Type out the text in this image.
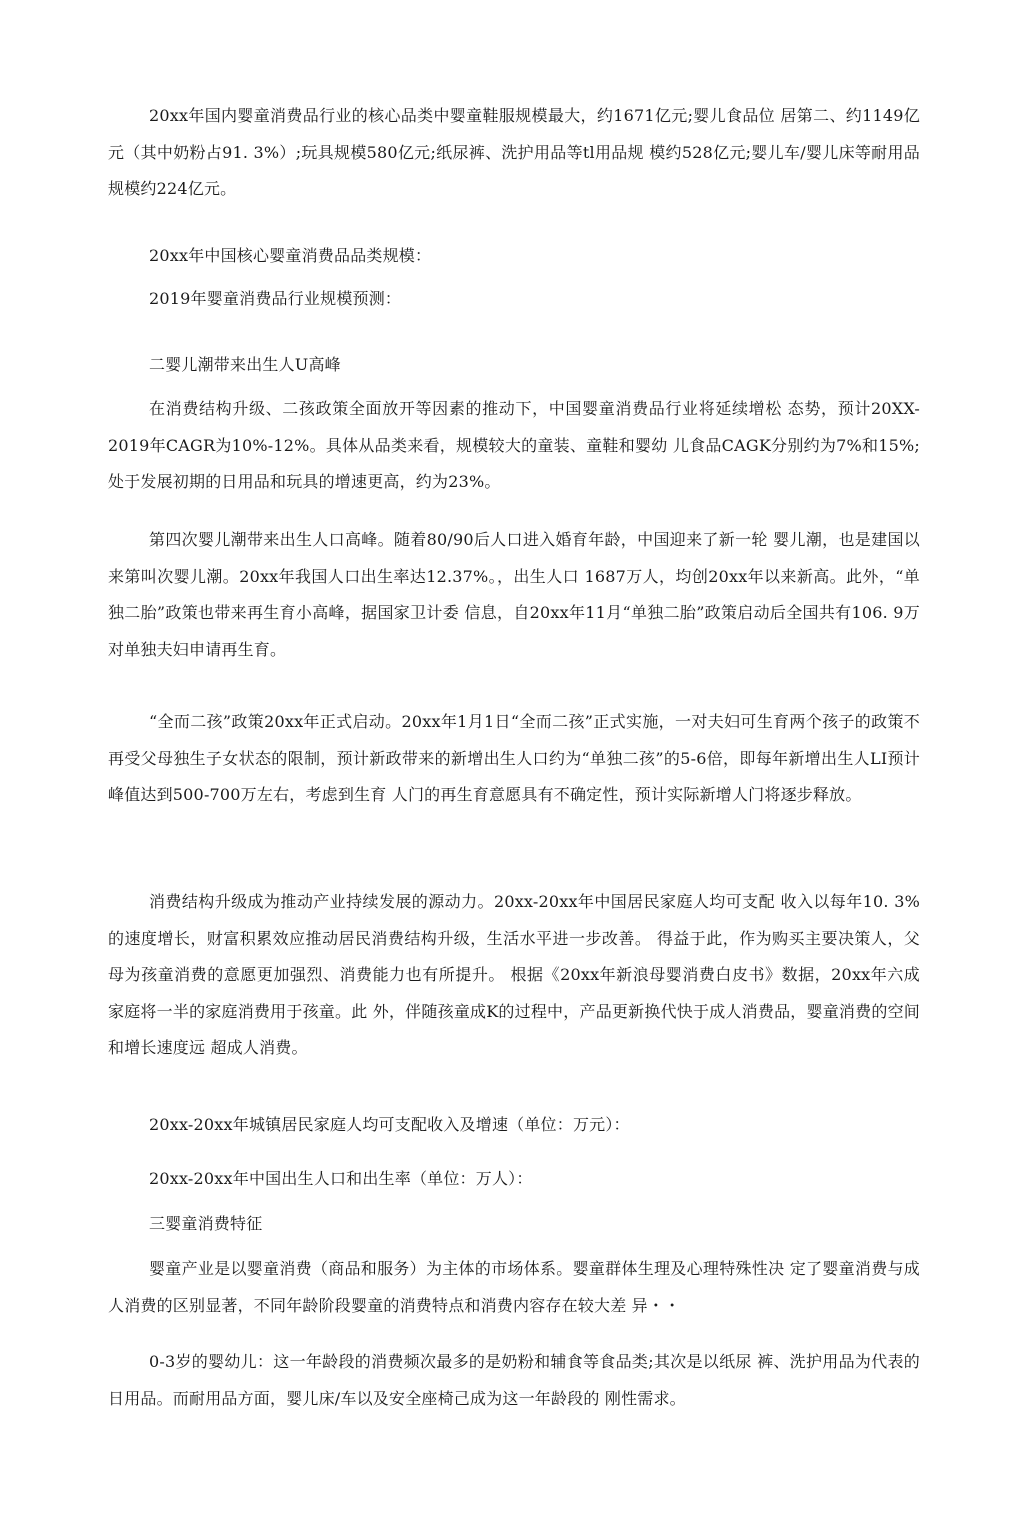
20xx年国内婴童消费品行业的核心品类中婴童鞋服规模最大，约1671亿元;婴儿食品位 居第二、约1149亿元（其中奶粉占91. 3%）;玩具规模580亿元;纸尿裤、洗护用品等tl用品规 模约528亿元;婴儿车/婴儿床等耐用品规模约224亿元。

20xx年中国核心婴童消费品品类规模：

2019年婴童消费品行业规模预测：

二婴儿潮带来出生人U高峰

在消费结构升级、二孩政策全面放开等因素的推动下，中国婴童消费品行业将延续增松 态势，预计20XX-2019年CAGR为10%-12%。具体从品类来看，规模较大的童装、童鞋和婴幼 儿食品CAGK分别约为7%和15%;处于发展初期的日用品和玩具的增速更高，约为23%。

第四次婴儿潮带来出生人口高峰。随着80/90后人口进入婚育年龄，中国迎来了新一轮 婴儿潮，也是建国以来第叫次婴儿潮。20xx年我国人口出生率达12.37%。，出生人口 1687万人，均创20xx年以来新高。此外，“单独二胎”政策也带来再生育小高峰，据国家卫计委 信息，自20xx年11月“单独二胎”政策启动后全国共有106. 9万对单独夫妇申请再生育。

“全而二孩”政策20xx年正式启动。20xx年1月1日“全而二孩”正式实施，一对夫妇可生育两个孩子的政策不再受父母独生子女状态的限制，预计新政带来的新增出生人口约为“单独二孩”的5-6倍，即每年新增出生人LI预计峰值达到500-700万左右，考虑到生育 人门的再生育意愿具有不确定性，预计实际新增人门将逐步释放。

消费结构升级成为推动产业持续发展的源动力。20xx-20xx年中国居民家庭人均可支配 收入以每年10. 3%的速度增长，财富积累效应推动居民消费结构升级，生活水平进一步改善。 得益于此，作为购买主要决策人，父母为孩童消费的意愿更加强烈、消费能力也有所提升。 根据《20xx年新浪母婴消费白皮书》数据，20xx年六成家庭将一半的家庭消费用于孩童。此 外，伴随孩童成K的过程中，产品更新换代快于成人消费品，婴童消费的空间和增长速度远 超成人消费。

20xx-20xx年城镇居民家庭人均可支配收入及增速（单位：万元）：

20xx-20xx年中国出生人口和出生率（单位：万人）：

三婴童消费特征

婴童产业是以婴童消费（商品和服务）为主体的市场体系。婴童群体生理及心理特殊性决 定了婴童消费与成人消费的区别显著，不同年龄阶段婴童的消费特点和消费内容存在较大差 异・・

0-3岁的婴幼儿：这一年龄段的消费频次最多的是奶粉和辅食等食品类;其次是以纸尿 裤、洗护用品为代表的日用品。而耐用品方面，婴儿床/车以及安全座椅己成为这一年龄段的 刚性需求。
